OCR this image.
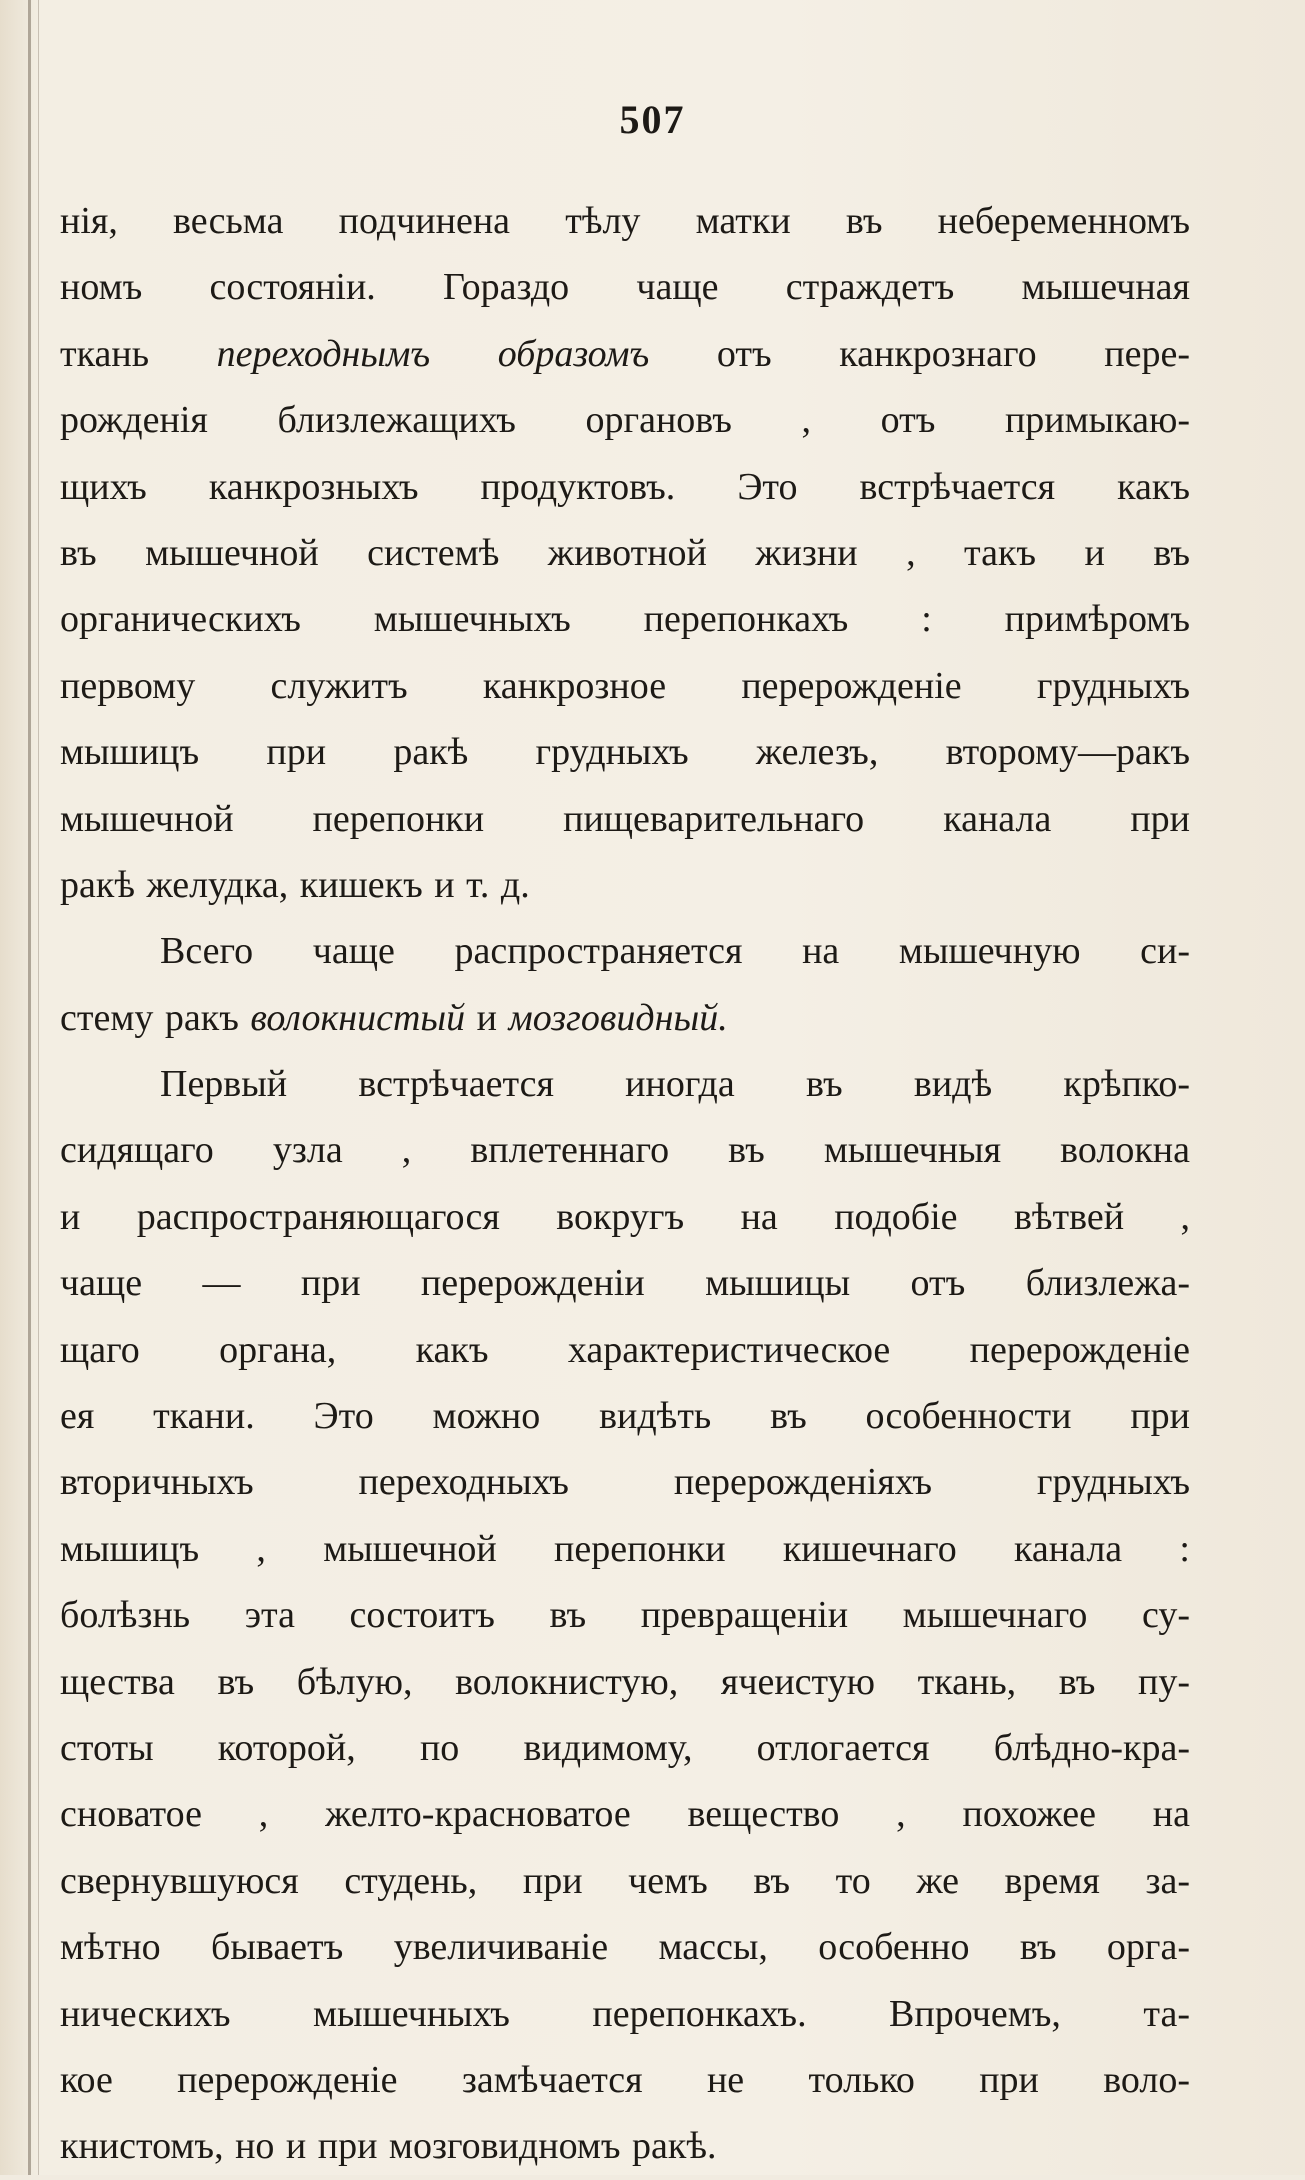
507
нія, весьма подчинена тѣлу матки въ небеременномъ
номъ состояніи. Гораздо чаще страждетъ мышечная
ткань переходнымъ образомъ отъ канкрознаго пере-
рожденія близлежащихъ органовъ , отъ примыкаю-
щихъ канкрозныхъ продуктовъ. Это встрѣчается какъ
въ мышечной системѣ животной жизни , такъ и въ
органическихъ мышечныхъ перепонкахъ : примѣромъ
первому служитъ канкрозное перерожденіе грудныхъ
мышицъ при ракѣ грудныхъ железъ, второму—ракъ
мышечной перепонки пищеварительнаго канала при
ракѣ желудка, кишекъ и т. д.
Всего чаще распространяется на мышечную си-
стему ракъ волокнистый и мозговидный.
Первый встрѣчается иногда въ видѣ крѣпко-
сидящаго узла , вплетеннаго въ мышечныя волокна
и распространяющагося вокругъ на подобіе вѣтвей ,
чаще — при перерожденіи мышицы отъ близлежа-
щаго органа, какъ характеристическое перерожденіе
ея ткани. Это можно видѣть въ особенности при
вторичныхъ переходныхъ перерожденіяхъ грудныхъ
мышицъ , мышечной перепонки кишечнаго канала :
болѣзнь эта состоитъ въ превращеніи мышечнаго су-
щества въ бѣлую, волокнистую, ячеистую ткань, въ пу-
стоты которой, по видимому, отлогается блѣдно-кра-
сноватое , желто-красноватое вещество , похожее на
свернувшуюся студень, при чемъ въ то же время за-
мѣтно бываетъ увеличиваніе массы, особенно въ орга-
ническихъ мышечныхъ перепонкахъ. Впрочемъ, та-
кое перерожденіе замѣчается не только при воло-
книстомъ, но и при мозговидномъ ракѣ.
